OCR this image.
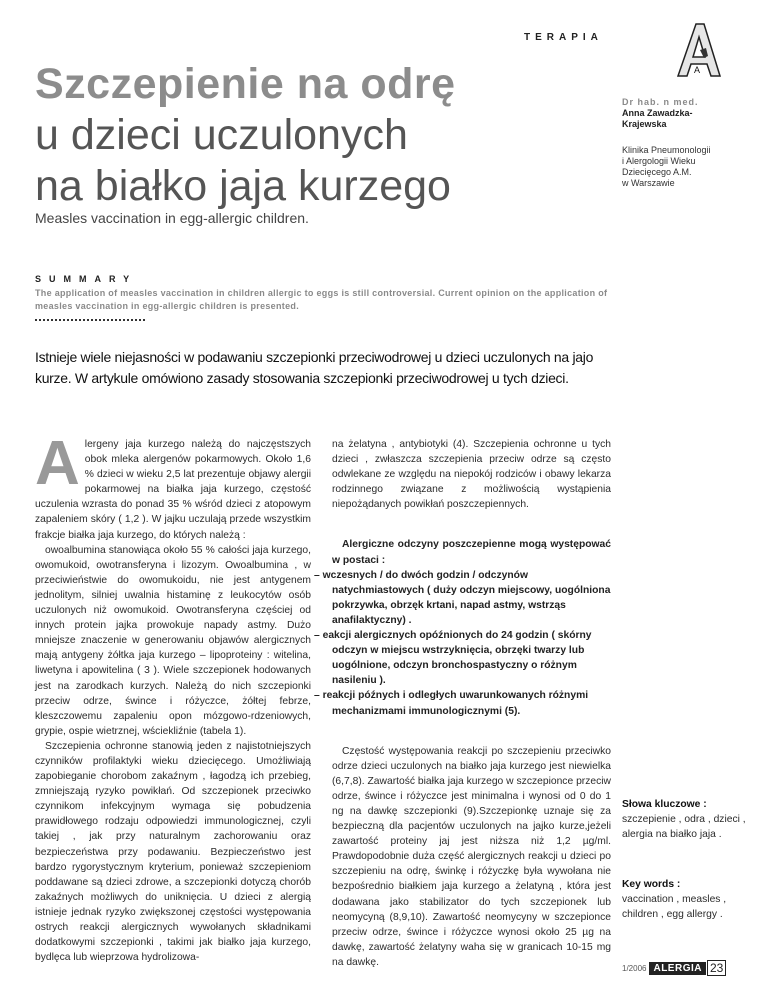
TERAPIA
A
Szczepienie na odrę
u dzieci uczulonych
na białko jaja kurzego
Dr hab. n med.
Anna Zawadzka-
Krajewska
Klinika Pneumonologii
i Alergologii Wieku
Dziecięcego A.M.
w Warszawie
Measles vaccination in egg-allergic children.
SUMMARY
The application of measles vaccination in children allergic to eggs is still controversial. Current opinion on the application of measles vaccination in egg-allergic children is presented.
Istnieje wiele niejasności w podawaniu szczepionki przeciwodrowej u dzieci uczulonych na jajo kurze. W artykule omówiono zasady stosowania szczepionki przeciwodrowej u tych dzieci.

Alergeny jaja kurzego należą do najczęstszych obok mleka alergenów pokarmowych. Około 1,6 % dzieci w wieku 2,5 lat prezentuje objawy alergii pokarmowej na białka jaja kurzego, częstość uczulenia wzrasta do ponad 35 % wśród dzieci z atopowym zapaleniem skóry ( 1,2 ). W jajku uczulają przede wszystkim frakcje białka jaja kurzego, do których należą :

owoalbumina stanowiąca około 55 % całości jaja kurzego, owomukoid, owotransferyna i lizozym. Owoalbumina , w przeciwieństwie do owomukoidu, nie jest antygenem jednolitym, silniej uwalnia histaminę z leukocytów osób uczulonych niż owomukoid. Owotransferyna częściej od innych protein jajka prowokuje napady astmy. Dużo mniejsze znaczenie w generowaniu objawów alergicznych mają antygeny żółtka jaja kurzego – lipoproteiny : witelina, liwetyna i apowitelina ( 3 ). Wiele szczepionek hodowanych jest na zarodkach kurzych. Należą do nich szczepionki przeciw odrze, śwince i różyczce, żółtej febrze, kleszczowemu zapaleniu opon mózgowo-rdzeniowych, grypie, ospie wietrznej, wściekliźnie (tabela 1).

Szczepienia ochronne stanowią jeden z najistotniejszych czynników profilaktyki wieku dziecięcego. Umożliwiają zapobieganie chorobom zakaźnym , łagodzą ich przebieg, zmniejszają ryzyko powikłań. Od szczepionek przeciwko czynnikom infekcyjnym wymaga się pobudzenia prawidłowego rodzaju odpowiedzi immunologicznej, czyli takiej , jak przy naturalnym zachorowaniu oraz bezpieczeństwa przy podawaniu. Bezpieczeństwo jest bardzo rygorystycznym kryterium, ponieważ szczepieniom poddawane są dzieci zdrowe, a szczepionki dotyczą chorób zakaźnych możliwych do uniknięcia. U dzieci z alergią istnieje jednak ryzyko zwiększonej częstości występowania ostrych reakcji alergicznych wywołanych składnikami dodatkowymi szczepionki , takimi jak białko jaja kurzego, bydlęca lub wieprzowa hydrolizowa-

na żelatyna , antybiotyki (4). Szczepienia ochronne u tych dzieci , zwłaszcza szczepienia przeciw odrze są często odwlekane ze względu na niepokój rodziców i obawy lekarza rodzinnego związane z możliwością wystąpienia niepożądanych powikłań poszczepiennych.

Alergiczne odczyny poszczepienne mogą występować w postaci :

– wczesnych / do dwóch godzin / odczynów natychmiastowych ( duży odczyn miejscowy, uogólniona pokrzywka, obrzęk krtani, napad astmy, wstrząs anafilaktyczny) .

– eakcji alergicznych opóźnionych do 24 godzin ( skórny odczyn w miejscu wstrzyknięcia, obrzęki twarzy lub uogólnione, odczyn bronchospastyczny o różnym nasileniu ).

– reakcji późnych i odległych uwarunkowanych różnymi mechanizmami immunologicznymi (5).

Częstość występowania reakcji po szczepieniu przeciwko odrze dzieci uczulonych na białko jaja kurzego jest niewielka (6,7,8). Zawartość białka jaja kurzego w szczepionce przeciw odrze, śwince i różyczce jest minimalna i wynosi od 0 do 1 ng na dawkę szczepionki (9).Szczepionkę uznaje się za bezpieczną dla pacjentów uczulonych na jajko kurze,jeżeli zawartość proteiny jaj jest niższa niż 1,2 µg/ml. Prawdopodobnie duża część alergicznych reakcji u dzieci po szczepieniu na odrę, świnkę i różyczkę była wywołana nie bezpośrednio białkiem jaja kurzego a żelatyną , która jest dodawana jako stabilizator do tych szczepionek lub neomycyną (8,9,10). Zawartość neomycyny w szczepionce przeciw odrze, śwince i różyczce wynosi około 25 µg na dawkę, zawartość żelatyny waha się w granicach 10-15 mg na dawkę.

Słowa kluczowe :
szczepienie , odra , dzieci , alergia na białko jaja .
Key words :
vaccination , measles , children , egg allergy .
1/2006 ALERGIA 23
